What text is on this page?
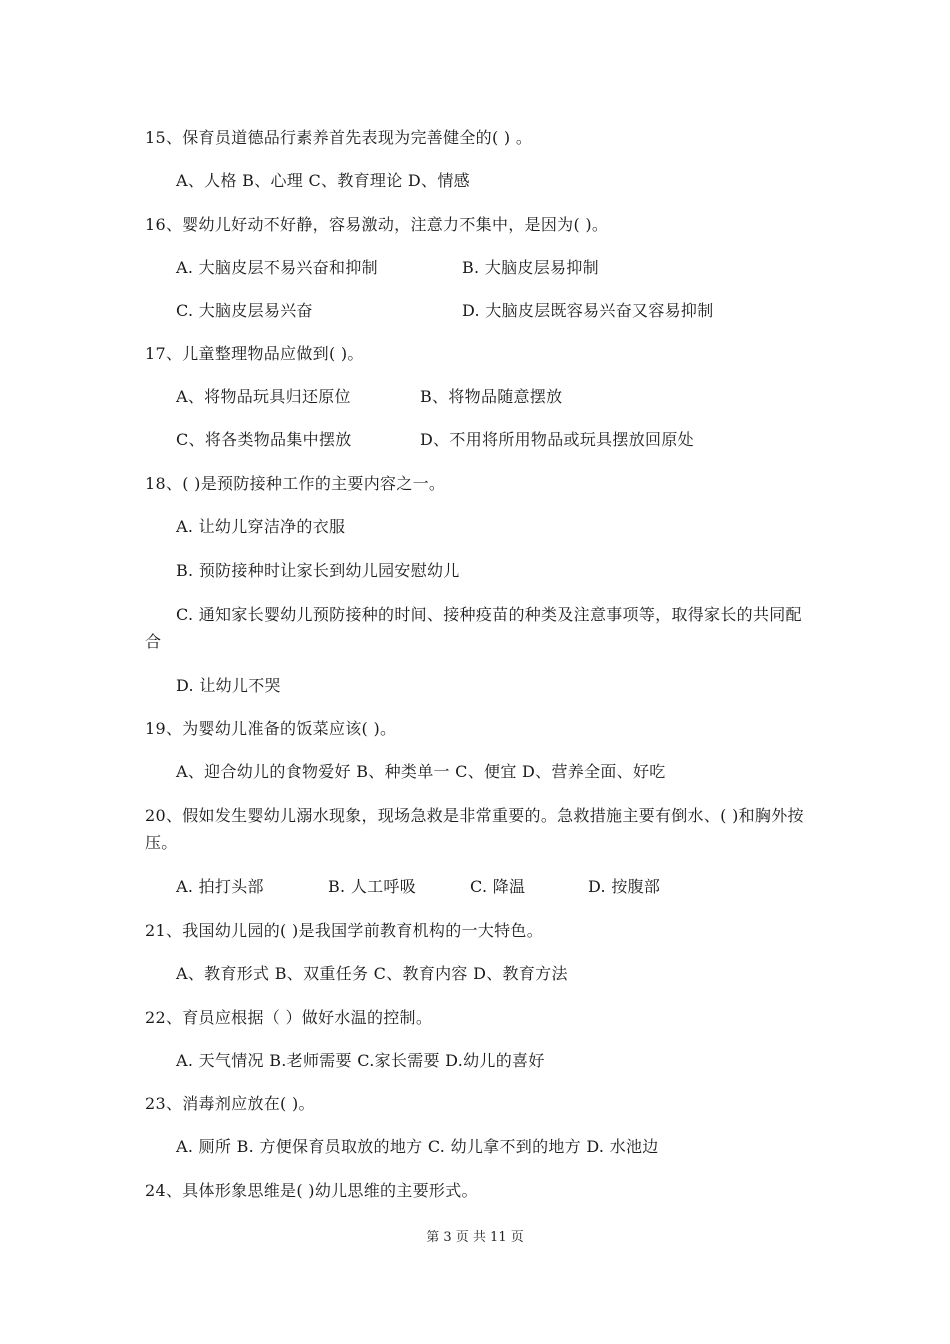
15、保育员道德品行素养首先表现为完善健全的( ) 。
A、人格 B、心理 C、教育理论 D、情感
16、婴幼儿好动不好静，容易激动，注意力不集中，是因为( )。
A. 大脑皮层不易兴奋和抑制	B. 大脑皮层易抑制
C. 大脑皮层易兴奋	D. 大脑皮层既容易兴奋又容易抑制
17、儿童整理物品应做到( )。
A、将物品玩具归还原位	B、将物品随意摆放
C、将各类物品集中摆放	D、不用将所用物品或玩具摆放回原处
18、( )是预防接种工作的主要内容之一。
A. 让幼儿穿洁净的衣服
B. 预防接种时让家长到幼儿园安慰幼儿
C. 通知家长婴幼儿预防接种的时间、接种疫苗的种类及注意事项等，取得家长的共同配合
D. 让幼儿不哭
19、为婴幼儿准备的饭菜应该( )。
A、迎合幼儿的食物爱好 B、种类单一 C、便宜 D、营养全面、好吃
20、假如发生婴幼儿溺水现象，现场急救是非常重要的。急救措施主要有倒水、( )和胸外按压。
A. 拍打头部	B. 人工呼吸	C. 降温	D. 按腹部
21、我国幼儿园的( )是我国学前教育机构的一大特色。
A、教育形式 B、双重任务 C、教育内容 D、教育方法
22、育员应根据（ ）做好水温的控制。
A. 天气情况 B.老师需要 C.家长需要 D.幼儿的喜好
23、消毒剂应放在( )。
A. 厕所 B. 方便保育员取放的地方 C. 幼儿拿不到的地方 D. 水池边
24、具体形象思维是( )幼儿思维的主要形式。
第 3 页 共 11 页
